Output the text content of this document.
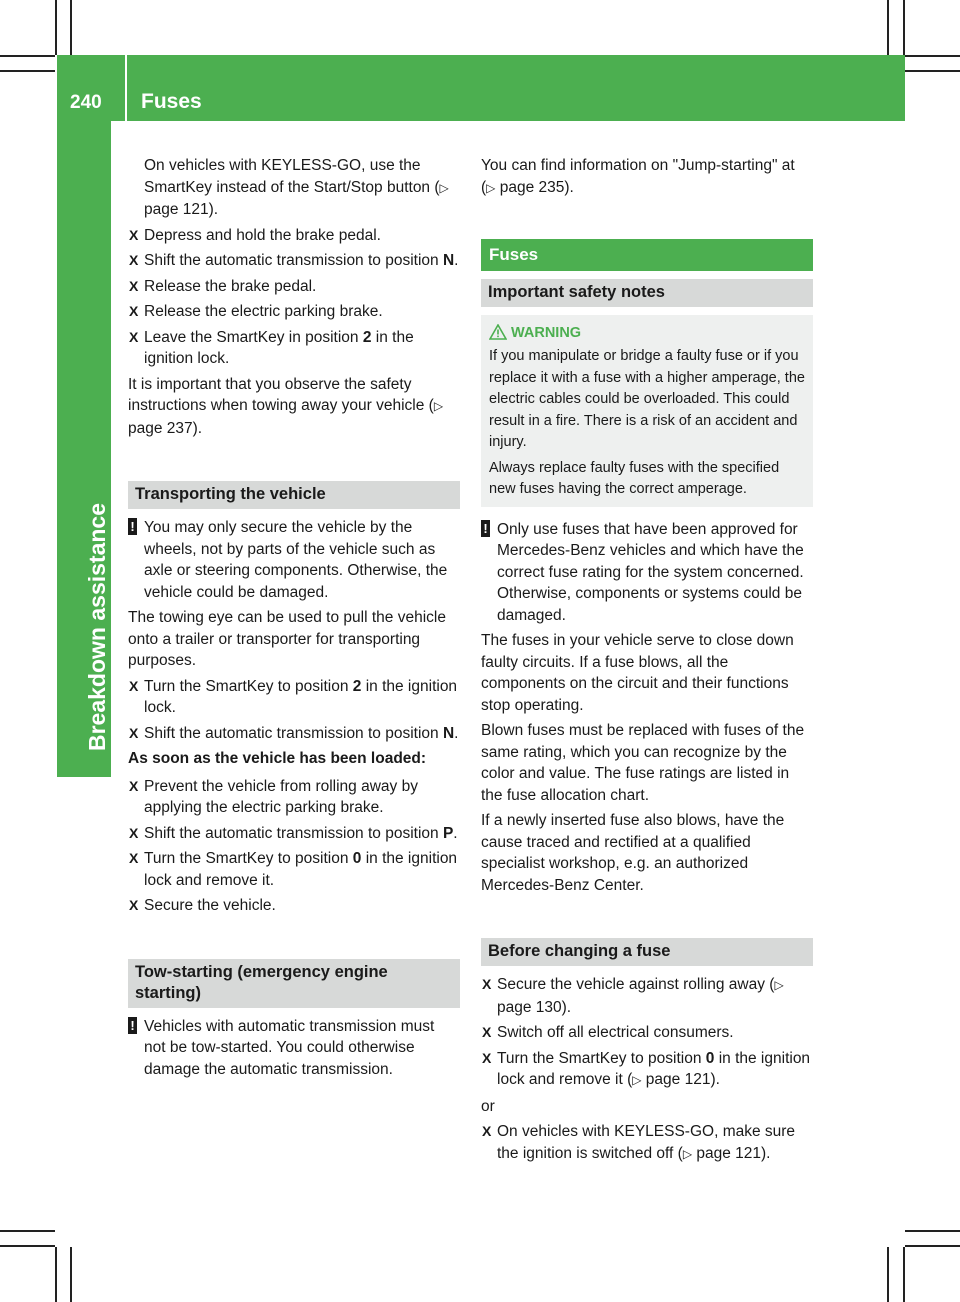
240 Fuses
Breakdown assistance

On vehicles with KEYLESS-GO, use the SmartKey instead of the Start/Stop button (▷ page 121).

X Depress and hold the brake pedal.
X Shift the automatic transmission to position N.
X Release the brake pedal.
X Release the electric parking brake.
X Leave the SmartKey in position 2 in the ignition lock.

It is important that you observe the safety instructions when towing away your vehicle (▷ page 237).

Transporting the vehicle
! You may only secure the vehicle by the wheels, not by parts of the vehicle such as axle or steering components. Otherwise, the vehicle could be damaged.

The towing eye can be used to pull the vehicle onto a trailer or transporter for transporting purposes.

X Turn the SmartKey to position 2 in the ignition lock.
X Shift the automatic transmission to position N.

As soon as the vehicle has been loaded:

X Prevent the vehicle from rolling away by applying the electric parking brake.
X Shift the automatic transmission to position P.
X Turn the SmartKey to position 0 in the ignition lock and remove it.
X Secure the vehicle.
Tow-starting (emergency engine starting)
! Vehicles with automatic transmission must not be tow-started. You could otherwise damage the automatic transmission.

You can find information on "Jump-starting" at (▷ page 235).

Fuses
Important safety notes
WARNING

If you manipulate or bridge a faulty fuse or if you replace it with a fuse with a higher amperage, the electric cables could be overloaded. This could result in a fire. There is a risk of an accident and injury.

Always replace faulty fuses with the specified new fuses having the correct amperage.

! Only use fuses that have been approved for Mercedes-Benz vehicles and which have the correct fuse rating for the system concerned. Otherwise, components or systems could be damaged.

The fuses in your vehicle serve to close down faulty circuits. If a fuse blows, all the components on the circuit and their functions stop operating.

Blown fuses must be replaced with fuses of the same rating, which you can recognize by the color and value. The fuse ratings are listed in the fuse allocation chart.

If a newly inserted fuse also blows, have the cause traced and rectified at a qualified specialist workshop, e.g. an authorized Mercedes-Benz Center.

Before changing a fuse
X Secure the vehicle against rolling away (▷ page 130).
X Switch off all electrical consumers.
X Turn the SmartKey to position 0 in the ignition lock and remove it (▷ page 121).

or

X On vehicles with KEYLESS-GO, make sure the ignition is switched off (▷ page 121).
